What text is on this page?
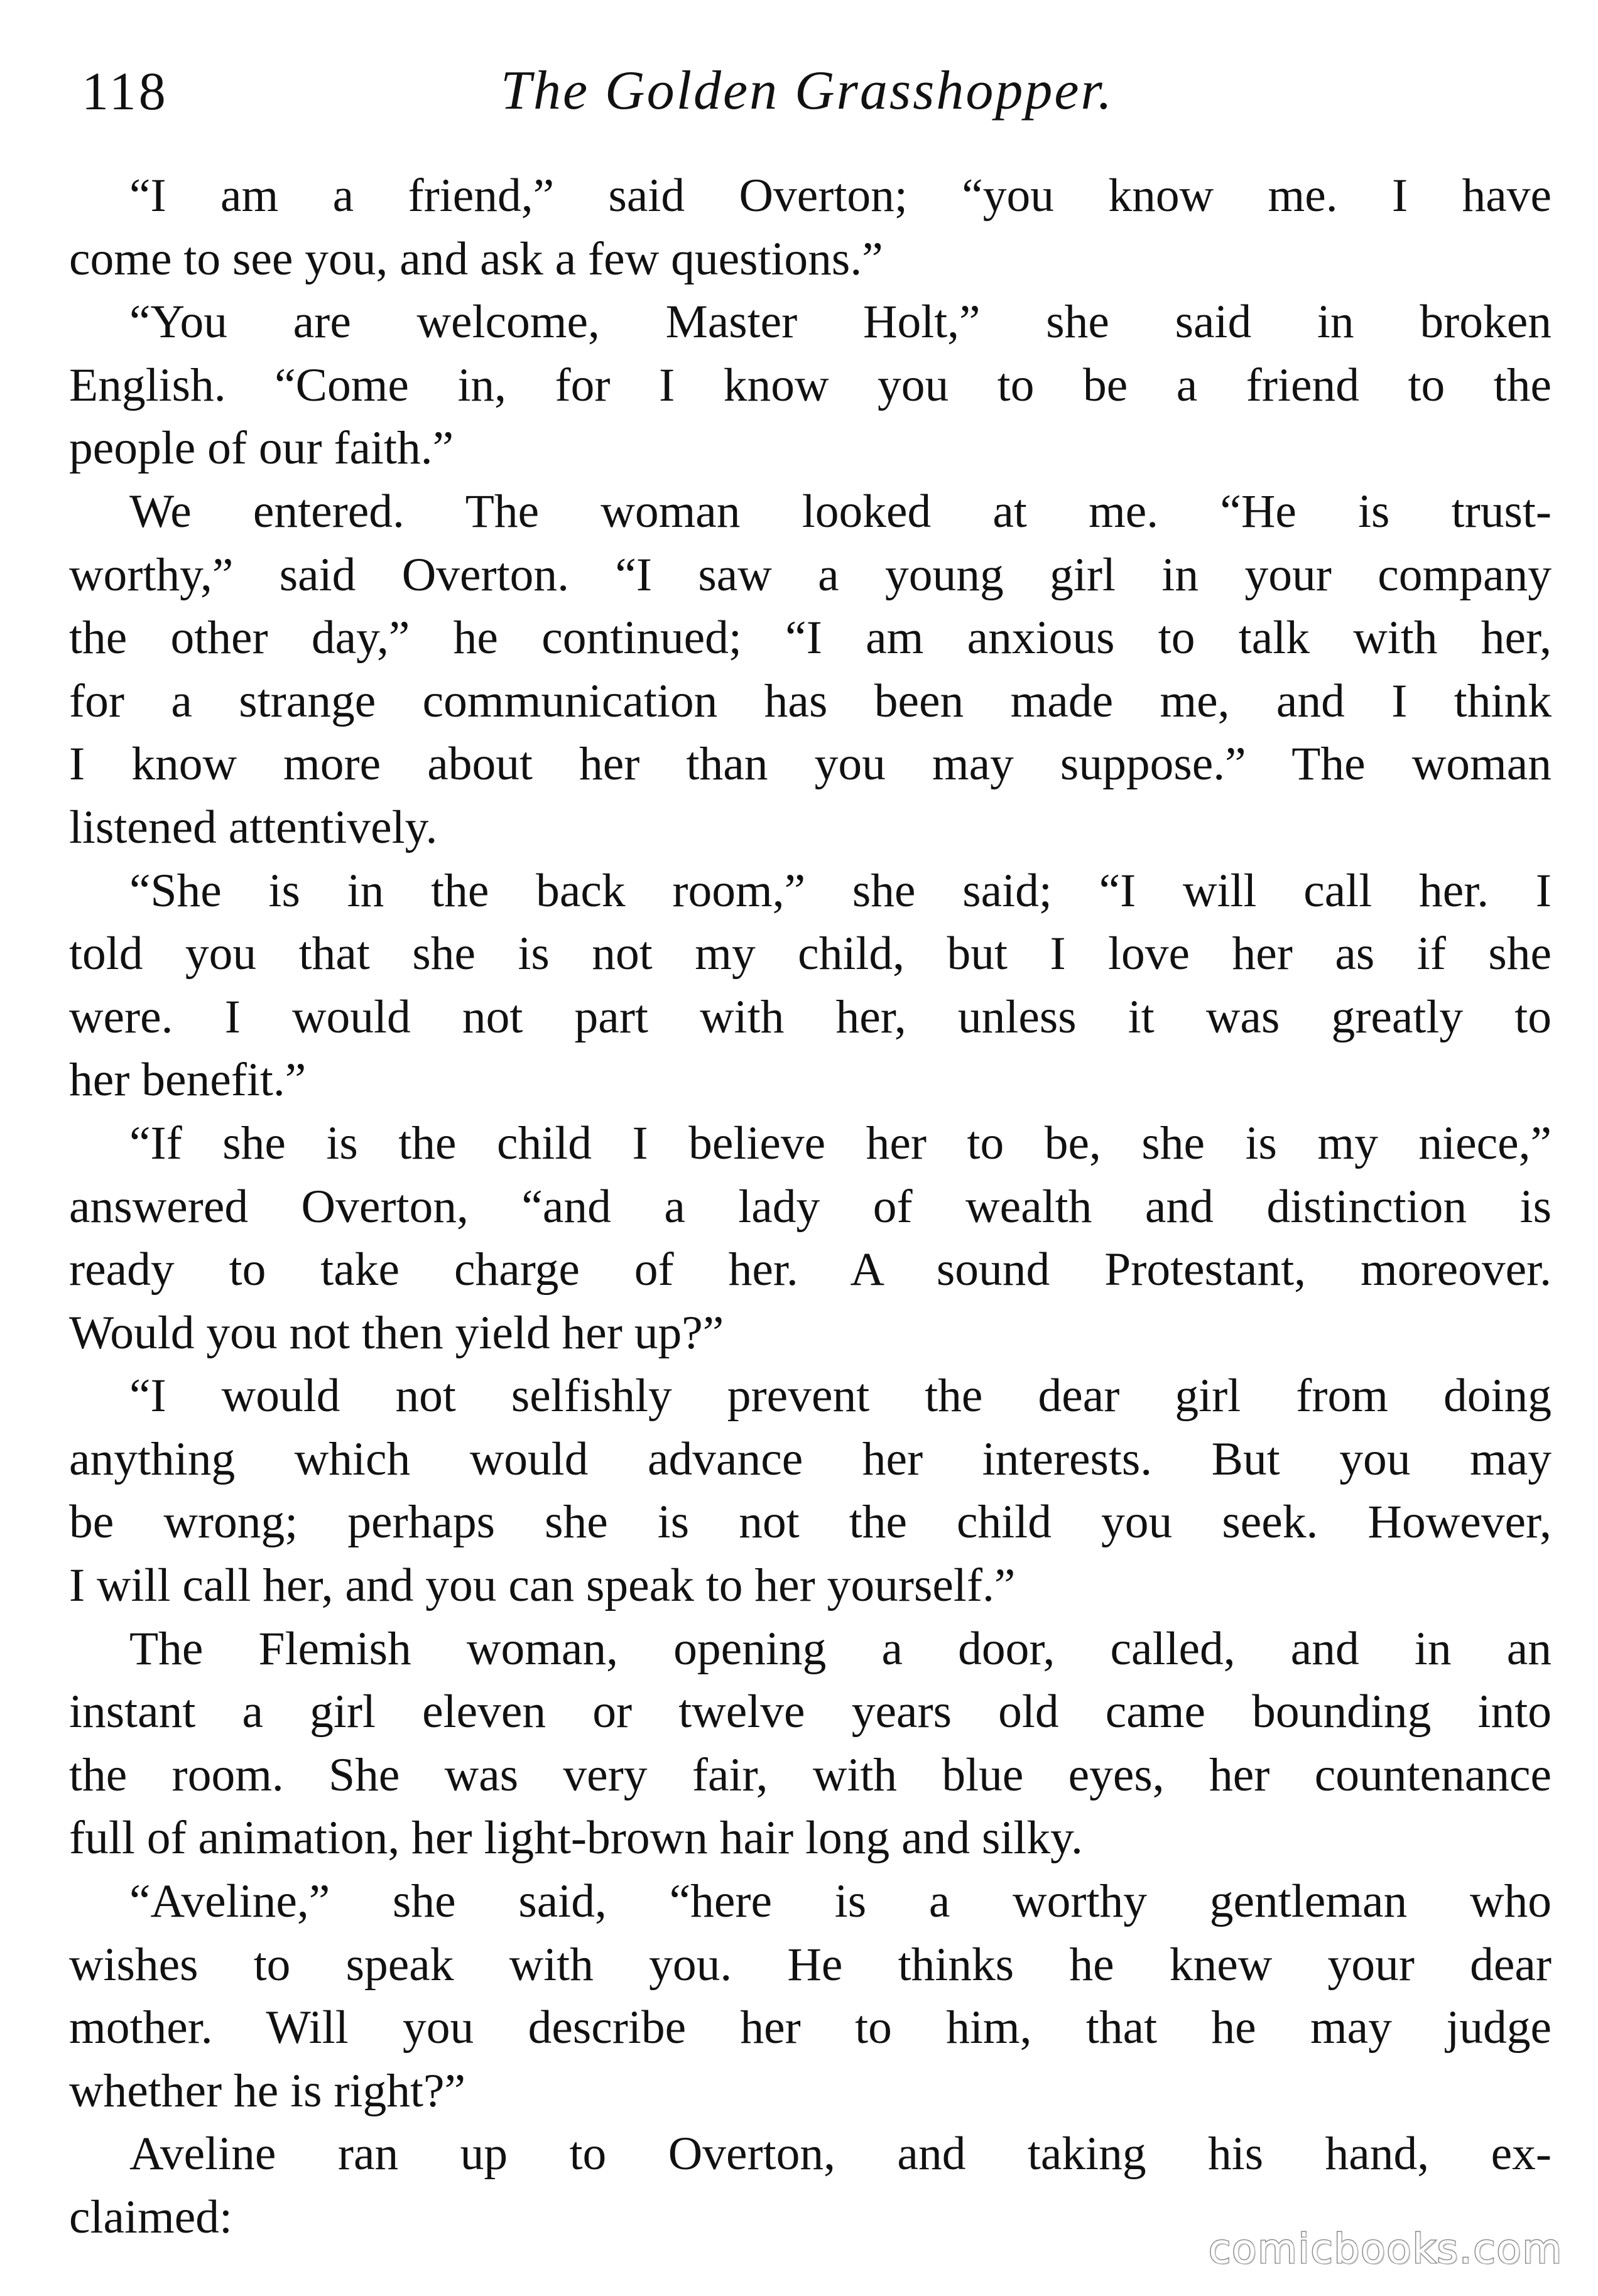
118	The Golden Grasshopper.
“I am a friend,” said Overton; “you know me. I have
come to see you, and ask a few questions.”
“You are welcome, Master Holt,” she said in broken
English. “Come in, for I know you to be a friend to the
people of our faith.”
We entered. The woman looked at me. “He is trust-
worthy,” said Overton. “I saw a young girl in your company
the other day,” he continued; “I am anxious to talk with her,
for a strange communication has been made me, and I think
I know more about her than you may suppose.” The woman
listened attentively.
“She is in the back room,” she said; “I will call her. I
told you that she is not my child, but I love her as if she
were. I would not part with her, unless it was greatly to
her benefit.”
“If she is the child I believe her to be, she is my niece,”
answered Overton, “and a lady of wealth and distinction is
ready to take charge of her. A sound Protestant, moreover.
Would you not then yield her up?”
“I would not selfishly prevent the dear girl from doing
anything which would advance her interests. But you may
be wrong; perhaps she is not the child you seek. However,
I will call her, and you can speak to her yourself.”
The Flemish woman, opening a door, called, and in an
instant a girl eleven or twelve years old came bounding into
the room. She was very fair, with blue eyes, her countenance
full of animation, her light-brown hair long and silky.
“Aveline,” she said, “here is a worthy gentleman who
wishes to speak with you. He thinks he knew your dear
mother. Will you describe her to him, that he may judge
whether he is right?”
Aveline ran up to Overton, and taking his hand, ex-
claimed:
comicbooks.com
